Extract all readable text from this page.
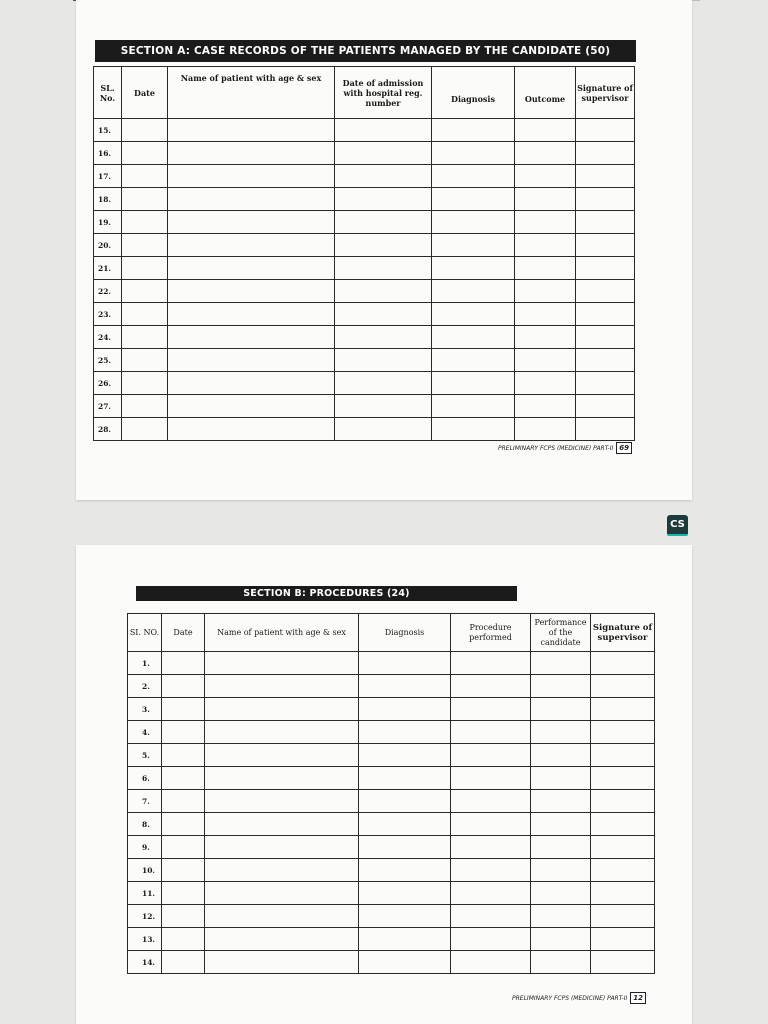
SECTION A: CASE RECORDS OF THE PATIENTS MANAGED BY THE CANDIDATE (50)
SL. No.	Date	Name of patient with age & sex	Date of admission with hospital reg. number	Diagnosis	Outcome	Signature of supervisor
15.						
16.						
17.						
18.						
19.						
20.						
21.						
22.						
23.						
24.						
25.						
26.						
27.						
28.						
PRELIMINARY FCPS (MEDICINE) PART-II 69
CS
SECTION B: PROCEDURES (24)
SI. NO.	Date	Name of patient with age & sex	Diagnosis	Procedure performed	Performance of the candidate	Signature of supervisor
1.						
2.						
3.						
4.						
5.						
6.						
7.						
8.						
9.						
10.						
11.						
12.						
13.						
14.						
PRELIMINARY FCPS (MEDICINE) PART-II 12
